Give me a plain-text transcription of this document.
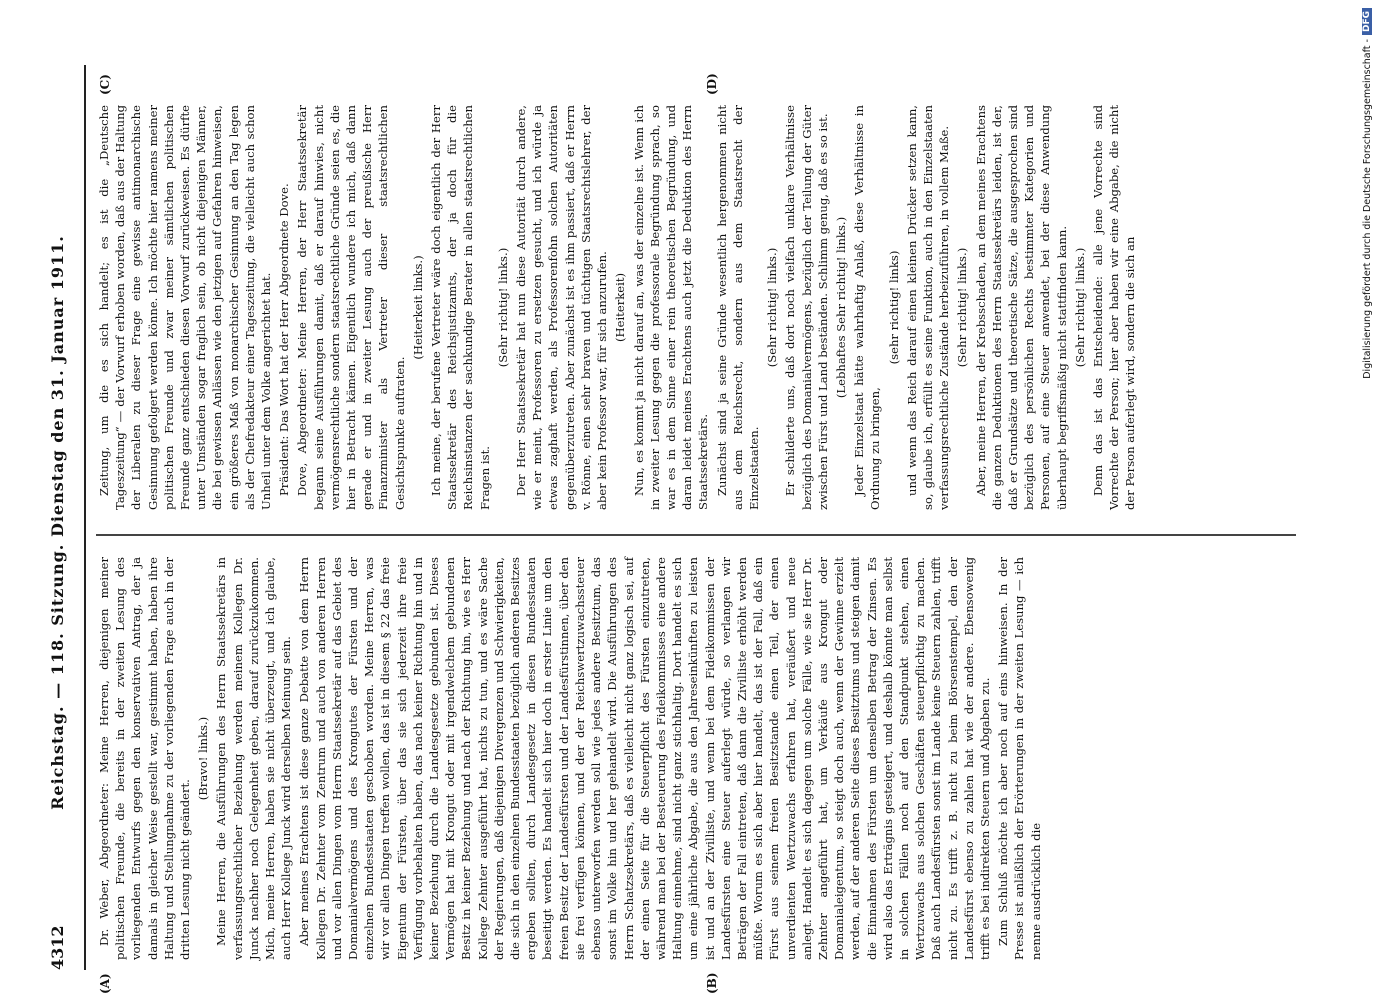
4312
Reichstag. — 118. Sitzung. Dienstag den 31. Januar 1911.
(A)	(B)
(C)	(D)

Dr. Weber, Abgeordneter: Meine Herren, diejenigen meiner politischen Freunde, die bereits in der zweiten Lesung des vorliegenden Entwurfs gegen den konservativen Antrag, der ja damals in gleicher Weise gestellt war, gestimmt haben, haben ihre Haltung und Stellungnahme zu der vorliegenden Frage auch in der dritten Lesung nicht geändert.

(Bravo! links.) Meine Herren, die Ausführungen des Herrn Staatssekretärs in verfassungsrechtlicher Beziehung werden meinem Kollegen Dr. Junck nachher noch Gelegenheit geben, darauf zurückzukommen. Mich, meine Herren, haben sie nicht überzeugt, und ich glaube, auch Herr Kollege Junck wird derselben Meinung sein. Aber meines Erachtens ist diese ganze Debatte von dem Herrn Kollegen Dr. Zehnter vom Zentrum und auch von anderen Herren und vor allen Dingen vom Herrn Staatssekretär auf das Gebiet des Domanialvermögens und des Krongutes der Fürsten und der einzelnen Bundesstaaten geschoben worden. Meine Herren, was wir vor allen Dingen treffen wollen, das ist in diesem § 22 das freie Eigentum der Fürsten, über das sie sich jederzeit ihre freie Verfügung vorbehalten haben, das nach keiner Richtung hin und in keiner Beziehung durch die Landesgesetze gebunden ist. Dieses Vermögen hat mit Krongut oder mit irgendwelchem gebundenen Besitz in keiner Beziehung und nach der Richtung hin, wie es Herr Kollege Zehnter ausgeführt hat, nichts zu tun, und es wäre Sache der Regierungen, daß diejenigen Divergenzen und Schwierigkeiten, die sich in den einzelnen Bundesstaaten bezüglich anderen Besitzes ergeben sollten, durch Landesgesetz in diesen Bundesstaaten beseitigt werden. Es handelt sich hier doch in erster Linie um den freien Besitz der Landesfürsten und der Landesfürstinnen, über den sie frei verfügen können, und der der Reichswertzuwachssteuer ebenso unterworfen werden soll wie jedes andere Besitztum, das sonst im Volke hin und her gehandelt wird. Die Ausführungen des Herrn Schatzsekretärs, daß es vielleicht nicht ganz logisch sei, auf der einen Seite für die Steuerpflicht des Fürsten einzutreten, während man bei der Besteuerung des Fideikommisses eine andere Haltung einnehme, sind nicht ganz stichhaltig. Dort handelt es sich um eine jährliche Abgabe, die aus den Jahreseinkünften zu leisten ist und an der Zivilliste, und wenn bei dem Fideikommissen der Landesfürsten eine Steuer auferlegt würde, so verlangen wir Beträgen der Fall eintreten, daß dann die Zivilliste erhöht werden müßte. Worum es sich aber hier handelt, das ist der Fall, daß ein Fürst aus seinem freien Besitzstande einen Teil, der einen unverdienten Wertzuwachs erfahren hat, veräußert und neue anlegt. Handelt es sich dagegen um solche Fälle, wie sie Herr Dr. Zehnter angeführt hat, um Verkäufe aus Krongut oder Domanialeigentum, so steigt doch auch, wenn der Gewinne erzielt werden, auf der anderen Seite dieses Besitztums und steigen damit die Einnahmen des Fürsten um denselben Betrag der Zinsen. Es wird also das Erträgnis gesteigert, und deshalb könnte man selbst in solchen Fällen noch auf den Standpunkt stehen, einen Wertzuwachs aus solchen Geschäften steuerpflichtig zu machen. Daß auch Landesfürsten sonst im Lande keine Steuern zahlen, trifft nicht zu. Es trifft z. B. nicht zu beim Börsenstempel, den der Landesfürst ebenso zu zahlen hat wie der andere. Ebensowenig trifft es bei indirekten Steuern und Abgaben zu. Zum Schluß möchte ich aber noch auf eins hinweisen. In der Presse ist anläßlich der Erörterungen in der zweiten Lesung — ich nenne ausdrücklich die

Zeitung, um die es sich handelt; es ist die „Deutsche Tageszeitung“ — der Vorwurf erhoben worden, daß aus der Haltung der Liberalen zu dieser Frage eine gewisse antimonarchische Gesinnung gefolgert werden könne. Ich möchte hier namens meiner politischen Freunde und zwar meiner sämtlichen politischen Freunde ganz entschieden diesen Vorwurf zurückweisen. Es dürfte unter Umständen sogar fraglich sein, ob nicht diejenigen Männer, die bei gewissen Anlässen wie den jetzigen auf Gefahren hinweisen, ein größeres Maß von monarchischer Gesinnung an den Tag legen als der Chefredakteur einer Tageszeitung, die vielleicht auch schon Unheil unter dem Volke angerichtet hat. Präsident: Das Wort hat der Herr Abgeordnete Dove. Dove, Abgeordneter: Meine Herren, der Herr Staatssekretär begann seine Ausführungen damit, daß er darauf hinwies, nicht vermögensrechtliche sondern staatsrechtliche Gründe seien es, die hier in Betracht kämen. Eigentlich wundere ich mich, daß dann gerade er und in zweiter Lesung auch der preußische Herr Finanzminister als Vertreter dieser staatsrechtlichen Gesichtspunkte auftraten.

(Heiterkeit links.) Ich meine, der berufene Vertreter wäre doch eigentlich der Herr Staatssekretär des Reichsjustizamts, der ja doch für die Reichsinstanzen der sachkundige Berater in allen staatsrechtlichen Fragen ist.

(Sehr richtig! links.) Der Herr Staatssekretär hat nun diese Autorität durch andere, wie er meint, Professoren zu ersetzen gesucht, und ich würde ja etwas zaghaft werden, als Professorenfohn solchen Autoritäten gegenüberzutreten. Aber zunächst ist es ihm passiert, daß er Herrn v. Rönne, einen sehr braven und tüchtigen Staatsrechtslehrer, der aber kein Professor war, für sich anzurufen. (Heiterkeit) Nun, es kommt ja nicht darauf an, was der einzelne ist. Wenn ich in zweiter Lesung gegen die professorale Begründung sprach, so war es in dem Sinne einer rein theoretischen Begründung, und daran leidet meines Erachtens auch jetzt die Deduktion des Herrn Staatssekretärs. Zunächst sind ja seine Gründe wesentlich hergenommen nicht aus dem Reichsrecht, sondern aus dem Staatsrecht der Einzelstaaten.

(Sehr richtig! links.) Er schilderte uns, daß dort noch vielfach unklare Verhältnisse bezüglich des Domanialvermögens, bezüglich der Teilung der Güter zwischen Fürst und Land beständen. Schlimm genug, daß es so ist. (Lebhaftes Sehr richtig! links.) Jeder Einzelstaat hätte wahrhaftig Anlaß, diese Verhältnisse in Ordnung zu bringen,

(sehr richtig! links) und wenn das Reich darauf einen kleinen Drücker setzen kann, so, glaube ich, erfüllt es seine Funktion, auch in den Einzelstaaten verfassungsrechtliche Zustände herbeizuführen, in vollem Maße. (Sehr richtig! links.) Aber, meine Herren, der Krebsschaden, an dem meines Erachtens die ganzen Deduktionen des Herrn Staatssekretärs leiden, ist der, daß er Grundsätze und theoretische Sätze, die ausgesprochen sind bezüglich des persönlichen Rechts bestimmter Kategorien und Personen, auf eine Steuer anwendet, bei der diese Anwendung überhaupt begriffsmäßig nicht stattfinden kann. (Sehr richtig! links.) Denn das ist das Entscheidende: alle jene Vorrechte sind Vorrechte der Person; hier aber haben wir eine Abgabe, die nicht der Person auferlegt wird, sondern die sich an	Digitalisierung gefördert durch die Deutsche Forschungsgemeinschaft -
DFG
